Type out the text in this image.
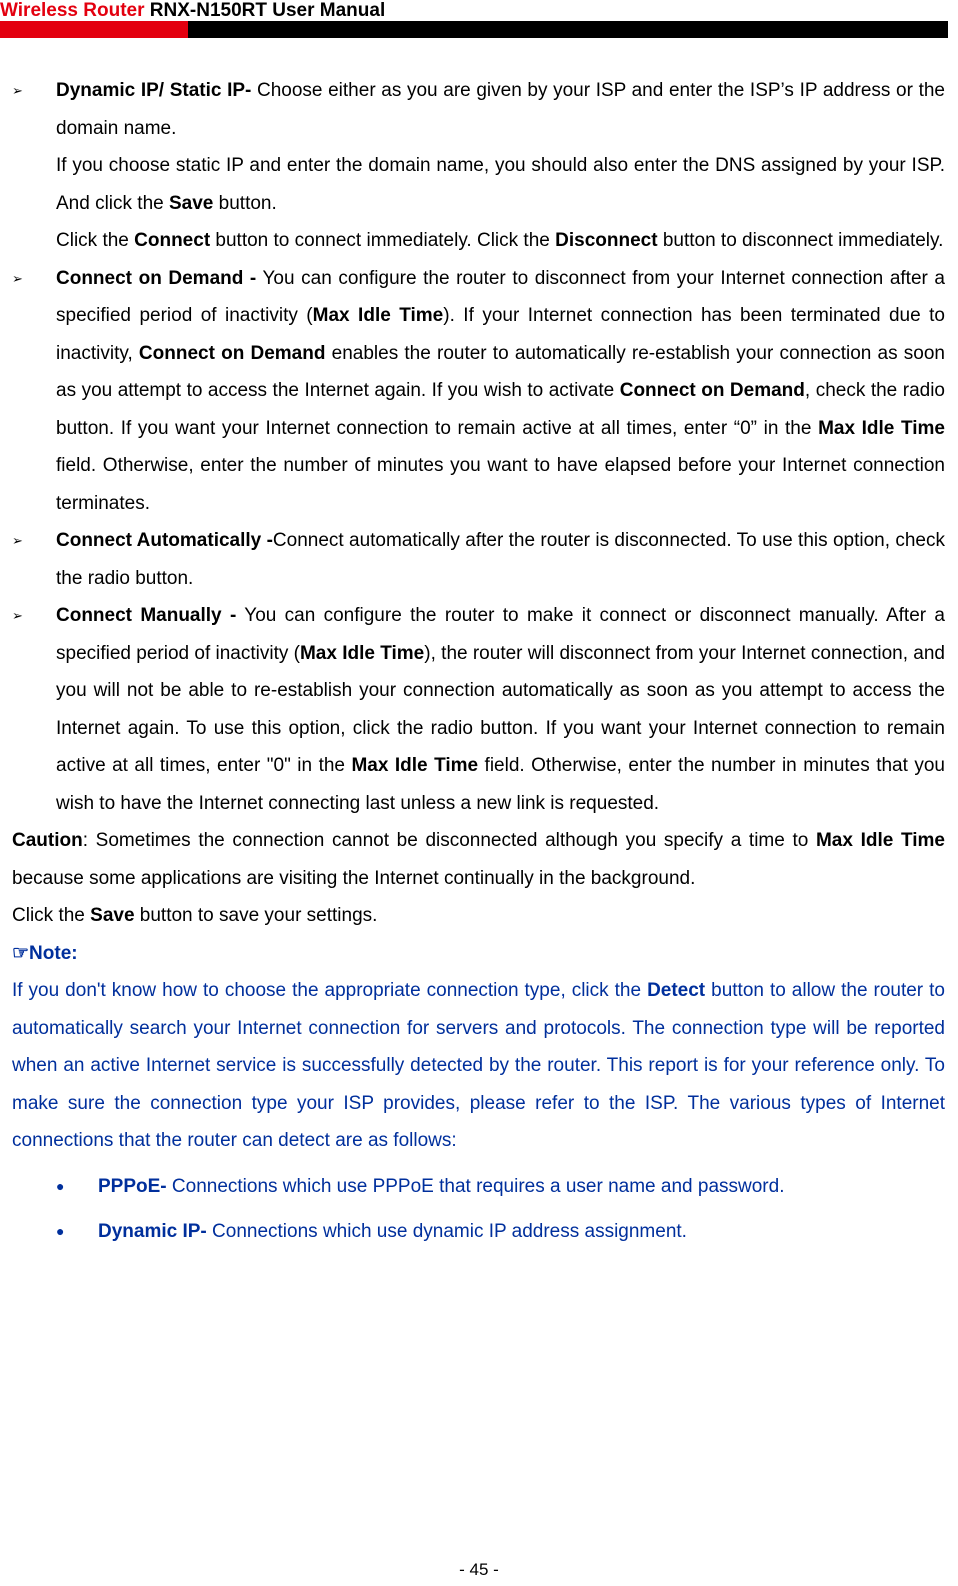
Wireless Router RNX-N150RT User Manual

➢ Dynamic IP/ Static IP- Choose either as you are given by your ISP and enter the ISP’s IP address or the domain name.

If you choose static IP and enter the domain name, you should also enter the DNS assigned by your ISP. And click the Save button.

Click the Connect button to connect immediately. Click the Disconnect button to disconnect immediately.

➢ Connect on Demand - You can configure the router to disconnect from your Internet connection after a specified period of inactivity (Max Idle Time). If your Internet connection has been terminated due to inactivity, Connect on Demand enables the router to automatically re-establish your connection as soon as you attempt to access the Internet again. If you wish to activate Connect on Demand, check the radio button. If you want your Internet connection to remain active at all times, enter “0” in the Max Idle Time field. Otherwise, enter the number of minutes you want to have elapsed before your Internet connection terminates.

➢ Connect Automatically -Connect automatically after the router is disconnected. To use this option, check the radio button.

➢ Connect Manually - You can configure the router to make it connect or disconnect manually. After a specified period of inactivity (Max Idle Time), the router will disconnect from your Internet connection, and you will not be able to re-establish your connection automatically as soon as you attempt to access the Internet again. To use this option, click the radio button. If you want your Internet connection to remain active at all times, enter "0" in the Max Idle Time field. Otherwise, enter the number in minutes that you wish to have the Internet connecting last unless a new link is requested.

Caution: Sometimes the connection cannot be disconnected although you specify a time to Max Idle Time because some applications are visiting the Internet continually in the background.

Click the Save button to save your settings.

☞Note:

If you don't know how to choose the appropriate connection type, click the Detect button to allow the router to automatically search your Internet connection for servers and protocols. The connection type will be reported when an active Internet service is successfully detected by the router. This report is for your reference only. To make sure the connection type your ISP provides, please refer to the ISP. The various types of Internet connections that the router can detect are as follows:

● PPPoE- Connections which use PPPoE that requires a user name and password.

● Dynamic IP- Connections which use dynamic IP address assignment.

- 45 -
